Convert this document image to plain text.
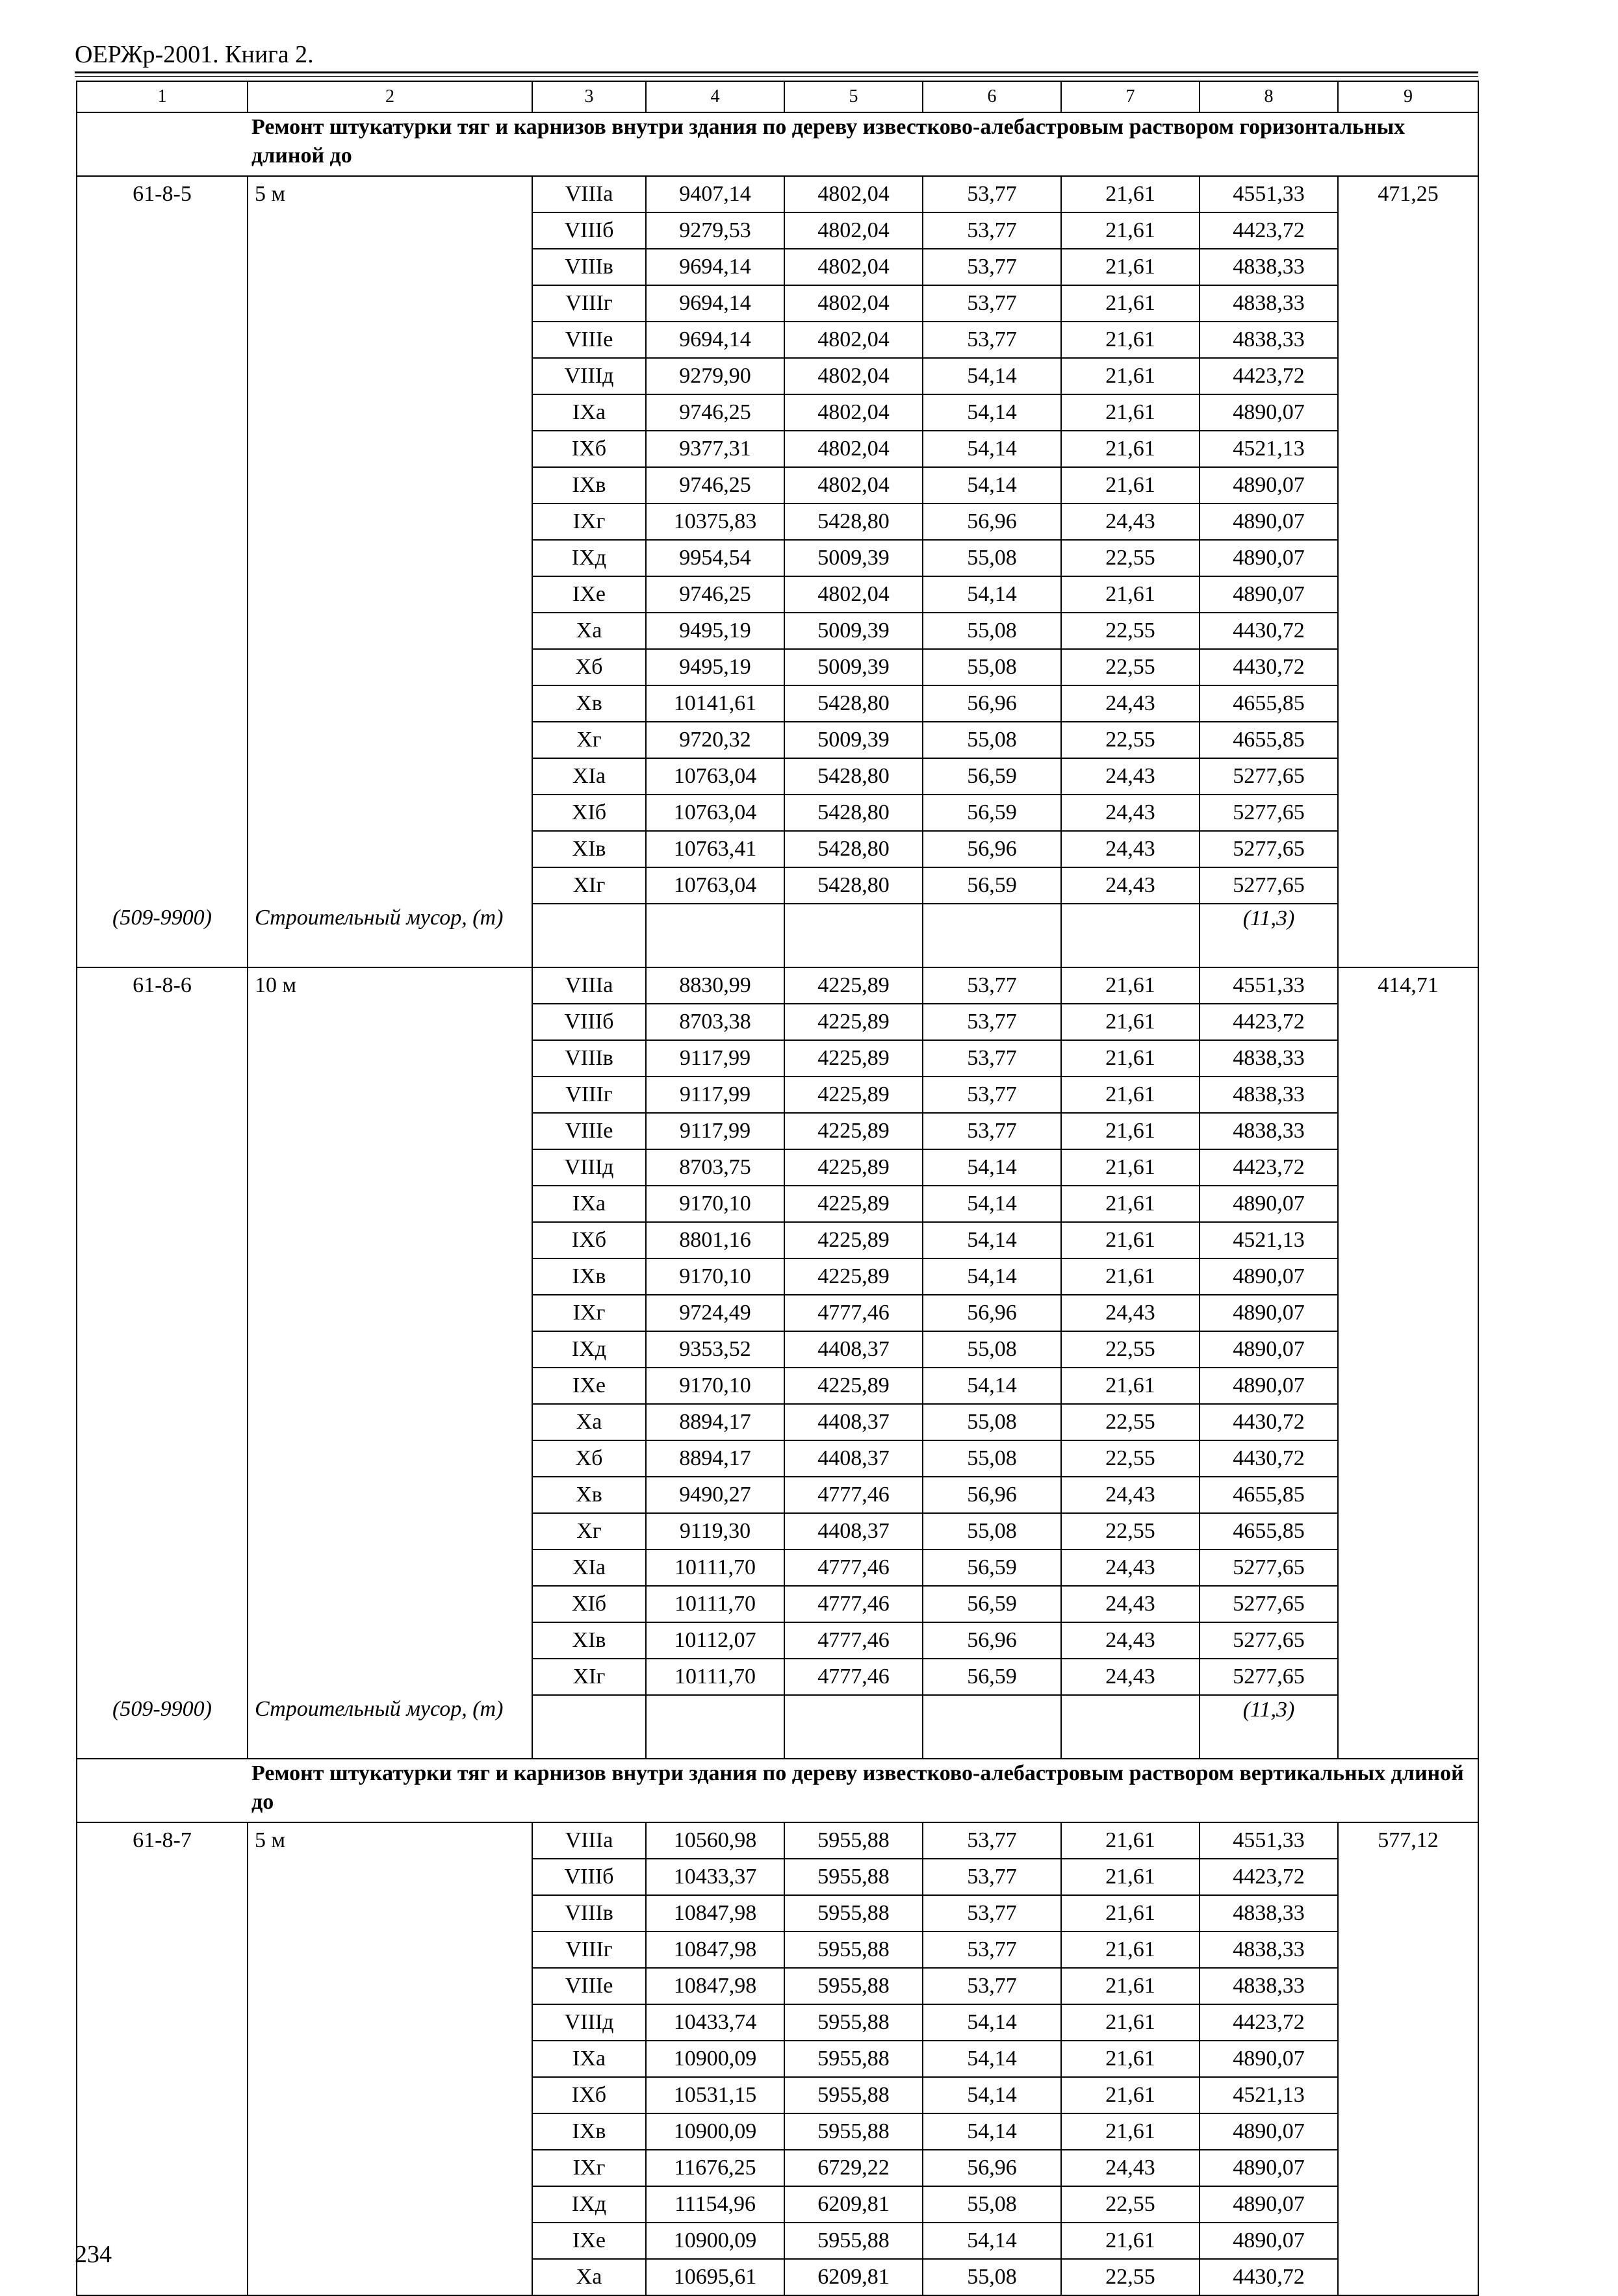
ОЕРЖр-2001. Книга 2.
1	2	3	4	5	6	7	8	9
Ремонт штукатурки тяг и карнизов внутри здания по дереву известково-алебастровым раствором горизонтальных длиной до								
61-8-5	5 м	VIIIа	9407,14	4802,04	53,77	21,61	4551,33	471,25
		VIIIб	9279,53	4802,04	53,77	21,61	4423,72	
		VIIIв	9694,14	4802,04	53,77	21,61	4838,33	
		VIIIг	9694,14	4802,04	53,77	21,61	4838,33	
		VIIIе	9694,14	4802,04	53,77	21,61	4838,33	
		VIIIд	9279,90	4802,04	54,14	21,61	4423,72	
		IXа	9746,25	4802,04	54,14	21,61	4890,07	
		IXб	9377,31	4802,04	54,14	21,61	4521,13	
		IXв	9746,25	4802,04	54,14	21,61	4890,07	
		IXг	10375,83	5428,80	56,96	24,43	4890,07	
		IXд	9954,54	5009,39	55,08	22,55	4890,07	
		IXе	9746,25	4802,04	54,14	21,61	4890,07	
		Xа	9495,19	5009,39	55,08	22,55	4430,72	
		Xб	9495,19	5009,39	55,08	22,55	4430,72	
		Xв	10141,61	5428,80	56,96	24,43	4655,85	
		Xг	9720,32	5009,39	55,08	22,55	4655,85	
		XIа	10763,04	5428,80	56,59	24,43	5277,65	
		XIб	10763,04	5428,80	56,59	24,43	5277,65	
		XIв	10763,41	5428,80	56,96	24,43	5277,65	
		XIг	10763,04	5428,80	56,59	24,43	5277,65	
(509-9900)	Строительный мусор, (т)						(11,3)	
61-8-6	10 м	VIIIа	8830,99	4225,89	53,77	21,61	4551,33	414,71
		VIIIб	8703,38	4225,89	53,77	21,61	4423,72	
		VIIIв	9117,99	4225,89	53,77	21,61	4838,33	
		VIIIг	9117,99	4225,89	53,77	21,61	4838,33	
		VIIIе	9117,99	4225,89	53,77	21,61	4838,33	
		VIIIд	8703,75	4225,89	54,14	21,61	4423,72	
		IXа	9170,10	4225,89	54,14	21,61	4890,07	
		IXб	8801,16	4225,89	54,14	21,61	4521,13	
		IXв	9170,10	4225,89	54,14	21,61	4890,07	
		IXг	9724,49	4777,46	56,96	24,43	4890,07	
		IXд	9353,52	4408,37	55,08	22,55	4890,07	
		IXе	9170,10	4225,89	54,14	21,61	4890,07	
		Xа	8894,17	4408,37	55,08	22,55	4430,72	
		Xб	8894,17	4408,37	55,08	22,55	4430,72	
		Xв	9490,27	4777,46	56,96	24,43	4655,85	
		Xг	9119,30	4408,37	55,08	22,55	4655,85	
		XIа	10111,70	4777,46	56,59	24,43	5277,65	
		XIб	10111,70	4777,46	56,59	24,43	5277,65	
		XIв	10112,07	4777,46	56,96	24,43	5277,65	
		XIг	10111,70	4777,46	56,59	24,43	5277,65	
(509-9900)	Строительный мусор, (т)						(11,3)	
Ремонт штукатурки тяг и карнизов внутри здания по дереву известково-алебастровым раствором вертикальных длиной до								
61-8-7	5 м	VIIIа	10560,98	5955,88	53,77	21,61	4551,33	577,12
		VIIIб	10433,37	5955,88	53,77	21,61	4423,72	
		VIIIв	10847,98	5955,88	53,77	21,61	4838,33	
		VIIIг	10847,98	5955,88	53,77	21,61	4838,33	
		VIIIе	10847,98	5955,88	53,77	21,61	4838,33	
		VIIIд	10433,74	5955,88	54,14	21,61	4423,72	
		IXа	10900,09	5955,88	54,14	21,61	4890,07	
		IXб	10531,15	5955,88	54,14	21,61	4521,13	
		IXв	10900,09	5955,88	54,14	21,61	4890,07	
		IXг	11676,25	6729,22	56,96	24,43	4890,07	
		IXд	11154,96	6209,81	55,08	22,55	4890,07	
		IXе	10900,09	5955,88	54,14	21,61	4890,07	
		Xа	10695,61	6209,81	55,08	22,55	4430,72	
234
